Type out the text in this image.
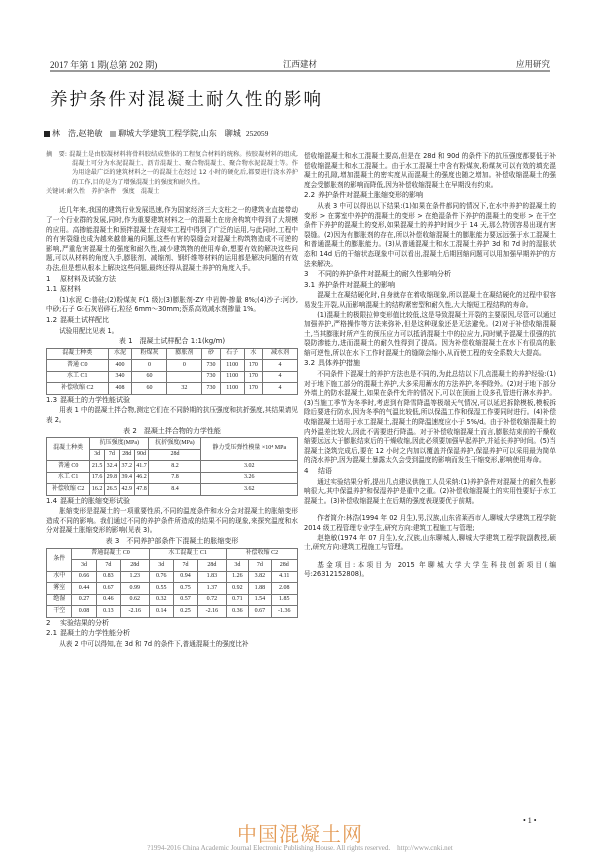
2017 年第 1 期(总第 202 期)	江西建材	应用研究
养护条件对混凝土耐久性的影响
林　浩,赵艳敏 聊城大学建筑工程学院,山东　聊城 252059

摘　要: 混凝土是由胶凝材料将骨料胶结成整体的工程复合材料的统称。按胶凝材料的组成,混凝土可分为水泥混凝土、沥青混凝土、聚合物混凝土、聚合物水泥混凝土等。作为用途最广泛的建筑材料之一的混凝土在经过 12 小时的硬化后,都要进行浇水养护的工作,目的是为了增强混凝土的强度和耐久性。

关键词:耐久性　养护条件　强度　混凝土

近几年来,我国的建筑行业发展迅速,作为国家经济三大支柱之一的建筑业直接带动了一个行业群的发展,同时,作为重要建筑材料之一的混凝土在房舍构筑中得到了大规模的应用。高掺能混凝土和预拌混凝土在现实工程中得到了广泛的运用,与此同时,工程中的有害裂缝也成为越来越普遍的问题,这些有害的裂缝会对混凝土构筑物造成不可逆的影响,严重危害混凝土的强度和耐久性,减少建筑物的使用寿命,想要有效的解决这些问题,可以从材料的角度入手,膨胀剂、减缩剂、钢纤维等材料的运用都是解决问题的有效办法,但是想从根本上解决这些问题,最终还得从混凝土养护的角度入手。

1 原材料及试验方法

1.1 原材料

(1)水泥 C:普硅;(2)粉煤灰 F(1 级);(3)膨胀剂-ZY 中岩牌-掺量 8%;(4)沙子:河沙,中砂;石子 G:石灰岩碎石,粒径 6mm～30mm;萘系高效减水剂掺量 1%。

1.2 混凝土试样配比

试验用配比见表 1。

表 1　混凝土试样配合 1:1(kg/m)

混凝土种类	水泥	粉煤灰	膨胀剂	砂	石子	水	减水剂
普通 C0	400	0	0	730	1100	170	4
水工 C1	340	60		730	1100	170	4
补偿收缩 C2	408	60	32	730	1100	170	4

1.3 混凝土的力学性能试验

用表 1 中的混凝土拌合物,测定它们在不同龄期的抗压强度和抗折强度,其结果请见表 2。

表 2　混凝土拌合物的力学性能

混凝土种类	抗压强度(MPa)				抗折强度(MPa)	静力受压弹性模量 ×10⁴ MPa
	3d	7d	28d	90d	28d	
普通 C0	21.5	32.4	37.2	41.7	8.2	3.02
水工 C1	17.6	29.8	39.4	46.2	7.8	3.26
补偿收缩 C2	16.2	26.5	42.9	47.8	8.4	3.62

1.4 混凝土的胀缩变形试验

胀缩变形是混凝土的一项重要性质,不同的温度条件和水分会对混凝土的胀缩变形造成不同的影响。我们通过不同的养护条件所造成的结果不同的现象,来探究温度和水分对混凝土胀缩变形的影响(见表 3)。

表 3　不同养护部条件下混凝土的胀缩变形

条件	普通混凝土 C0			水工混凝土 C1			补偿收缩 C2		
	3d	7d	28d	3d	7d	28d	3d	7d	28d
水中	0.66	0.83	1.23	0.76	0.94	1.83	1.26	3.82	4.11
雾室	0.44	0.67	0.99	0.55	0.75	1.37	0.92	1.88	2.08
绝湿	0.27	0.46	0.62	0.32	0.57	0.72	0.71	1.54	1.85
干空	0.08	0.13	-2.16	0.14	0.25	-2.16	0.36	0.67	-1.36

2 实验结果的分析

2.1 混凝土的力学性能分析

从表 2 中可以得知,在 3d 和 7d 的条件下,普通混凝土的强度比补

偿收缩混凝土和水工混凝土要高,但是在 28d 和 90d 的条件下的抗压强度都要低于补偿收缩混凝土和水工混凝土。由于水工混凝土中含有粉煤灰,粉煤灰可以有效的填充混凝土的孔隙,增加混凝土的密实度从而混凝土的强度也随之增加。补偿收缩混凝土的强度会受膨胀剂的影响而降低,因为补偿收缩混凝土在早期没有约束。

2.2 养护条件对混凝土胀缩变形的影响

从表 3 中可以得出以下结果:(1)如果在条件都同的情况下,在水中养护的混凝土的变形 > 在雾室中养护的混凝土的变形 > 在绝湿条件下养护的混凝土的变形 > 在干空条件下养护的混凝土的变形,如果混凝土的养护时间少于 14 天,那么特别容易出现有害裂缝。(2)因为有膨胀剂的存在,所以补偿收缩混凝土的膨胀能力要远远强于水工混凝土和普通混凝土的膨胀能力。(3)从普通混凝土和水工混凝土养护 3d 和 7d 时的湿胀状态和 14d 后的干缩状态现象中可以看出,混凝土后期回缩问题可以用加强早期养护的方法来解决。

3 不同的养护条件对混凝土的耐久性影响分析

3.1 养护条件对混凝土的影响

混凝土在凝结硬化时,自身就存在着收缩现象,所以混凝土在凝结硬化的过程中很容易发生开裂,从而影响混凝土的结构紧密型和耐久性,大大缩短工程结构的寿命。

(1)混凝土的极限拉伸变形值比较低,这是导致混凝土开裂的主要原因,尽管可以通过加强养护,严格操作等方法来弥补,但是这种现象还是无法避免。(2)对于补偿收缩混凝土,当其膨胀时所产生的预压应力可以抵消混凝土中的拉应力,同时赋予混凝土很强的抗裂防渗能力,进而混凝土的耐久性得到了提高。因为补偿收缩混凝土在水下有很高的胀缩可逆性,所以在水下工作时混凝土的缝隙会缩小,从而使工程的安全系数大大提高。

3.2 具体养护措施

不同条件下混凝土的养护方法也是不同的,为此总结以下几点混凝土的养护经验:(1)对于地下施工部分的混凝土养护,大多采用蓄水的方法养护,冬季除外。(2)对于地下部分外墙上的防水混凝土,如果在条件允许的情况下,可以在顶面上设多孔管进行淋水养护。(3)当施工季节为冬季时,考虑到有降雪降温等极端天气情况,可以延迟拆除模板,模板拆除后要进行防水,因为冬季的气温比较低,所以保温工作和保湿工作要同时进行。(4)补偿收缩混凝土适用于水工混凝土,混凝土的降温速度应小于 5%/d。由于补偿收缩混凝土的内外温差比较大,因此不需要进行降温。对于补偿收缩混凝土而言,膨胀结束前的干燥收缩要远远大于膨胀结束后的干燥收缩,因此必须要加强早起养护,并延长养护时间。(5)当混凝土浇筑完成后,要在 12 小时之内加以覆盖并保湿养护,保湿养护可以采用最为简单的浇水养护,因为混凝土暴露太久会受到温度的影响而发生干缩变形,影响使用寿命。

4 结语

通过实验结果分析,提出几点建议供施工人员采纳:(1)养护条件对混凝土的耐久性影响很大,其中保温养护和保湿养护是重中之重。(2)补偿收缩混凝土的实用性要好于水工混凝土。(3)补偿收缩混凝土在后期的强度表现要优于前期。

作者简介:林浩(1994 年 02 月生),男,汉族,山东省莱西市人,聊城大学建筑工程学院 2014 级工程管理专业学生,研究方向:建筑工程施工与管理;

赵艳敏(1974 年 07 月生),女,汉族,山东聊城人,聊城大学建筑工程学院副教授,硕士,研究方向:建筑工程施工与管理。

基金项目:本项目为 2015 年聊城大学大学生科技创新项目(编号:26312152808)。

• 1 •
中国混凝土网
?1994-2016 China Academic Journal Electronic Publishing House. All rights reserved.　http://www.cnki.net
